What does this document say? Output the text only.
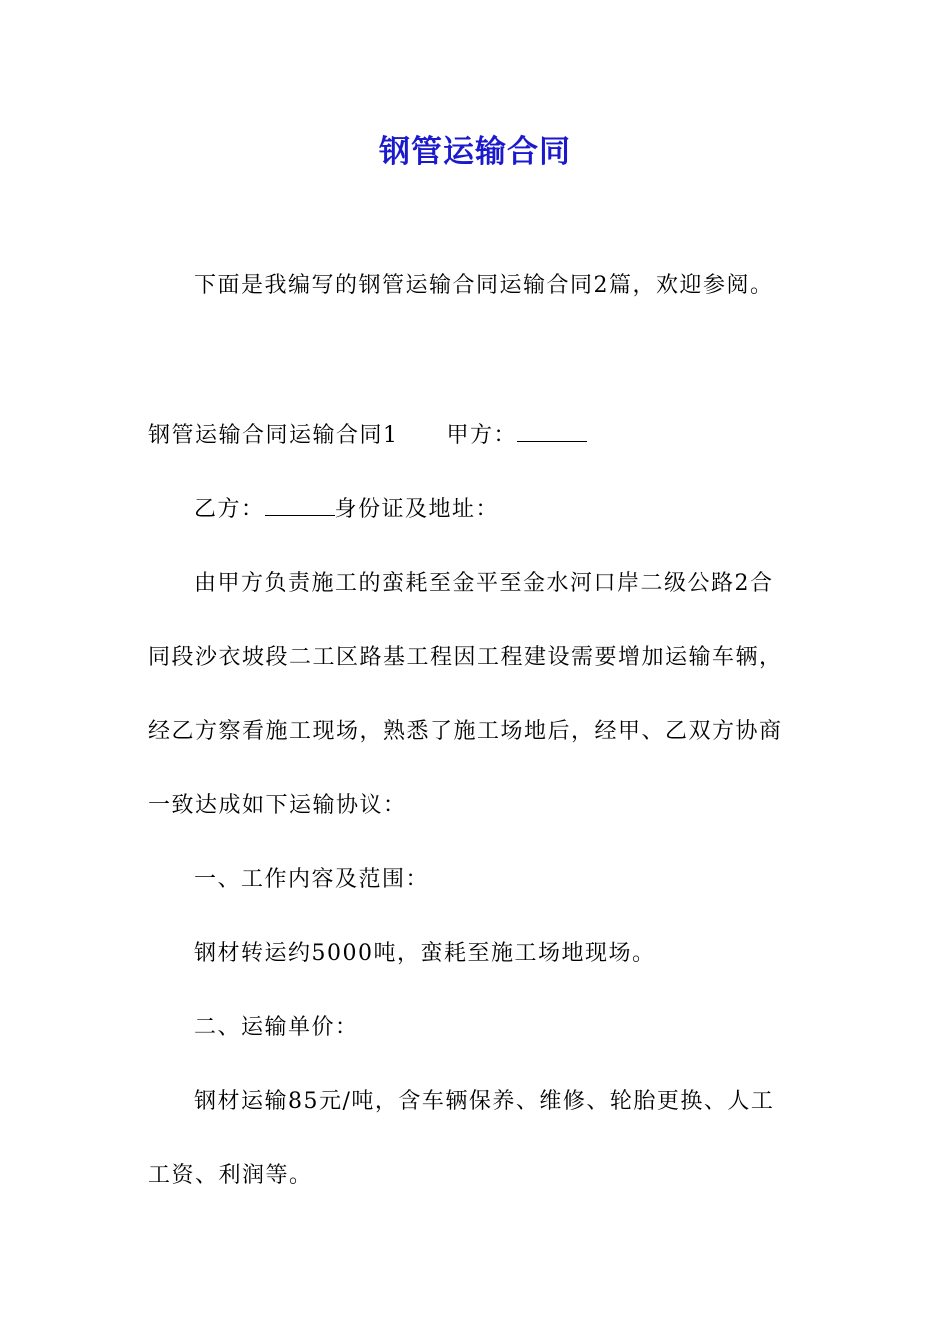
钢管运输合同
下面是我编写的钢管运输合同运输合同2篇，欢迎参阅。
钢管运输合同运输合同1 甲方：
乙方：	身份证及地址：
由甲方负责施工的蛮耗至金平至金水河口岸二级公路2合
同段沙衣坡段二工区路基工程因工程建设需要增加运输车辆，
经乙方察看施工现场，熟悉了施工场地后，经甲、乙双方协商
一致达成如下运输协议：
一、工作内容及范围：
钢材转运约5000吨，蛮耗至施工场地现场。
二、运输单价：
钢材运输85元/吨，含车辆保养、维修、轮胎更换、人工
工资、利润等。
